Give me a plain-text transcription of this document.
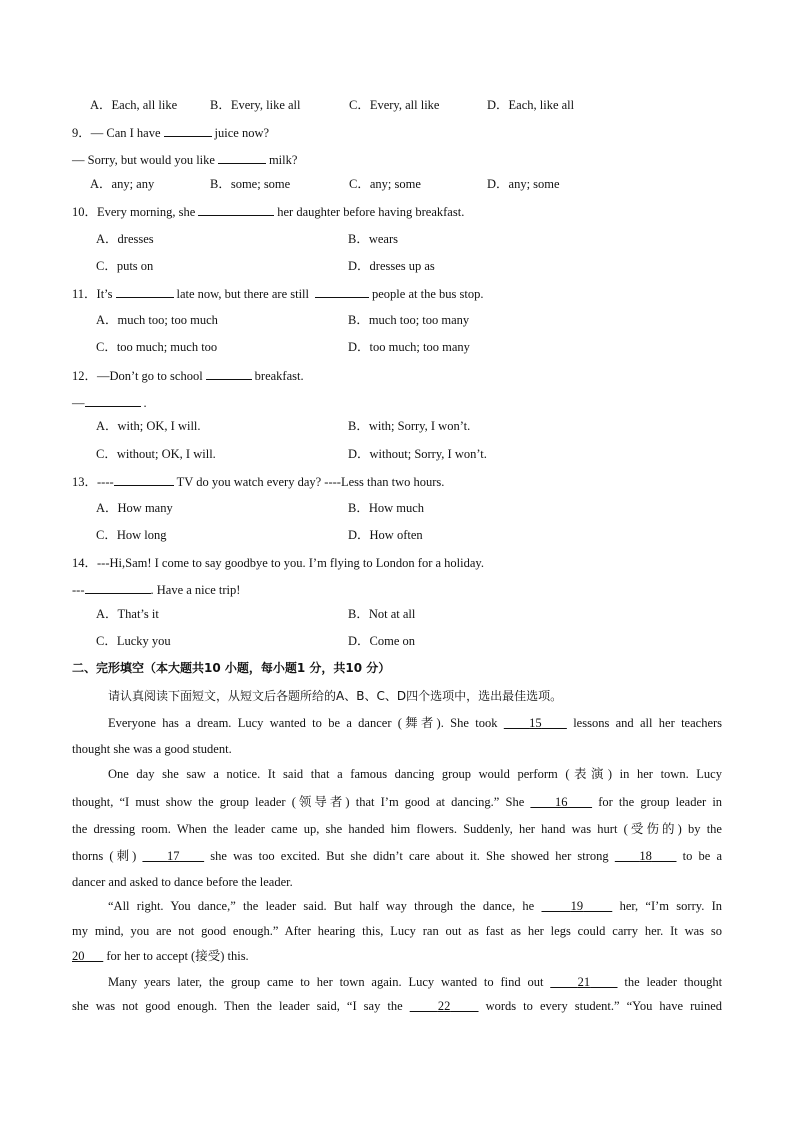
A．Each, all like	B．Every, like all	C．Every, all like	D．Each, like all
9．— Can I have	juice now?
— Sorry, but would you like	milk?
A．any; any	B．some; some	C．any; some	D．any; some
10．Every morning, she	her daughter before having breakfast.
A．dresses	B．wears
C．puts on	D．dresses up as
11．It’s	late now, but there are still	people at the bus stop.
A．much too; too much	B．much too; too many
C．too much; much too	D．too much; too many
12．—Don’t go to school	breakfast.
—	.
A．with; OK, I will.	B．with; Sorry, I won’t.
C．without; OK, I will.	D．without; Sorry, I won’t.
13．----	TV do you watch every day? ----Less than two hours.
A．How many	B．How much
C．How long	D．How often
14．---Hi,Sam! I come to say goodbye to you. I’m flying to London for a holiday.
---	. Have a nice trip!
A．That’s it	B．Not at all
C．Lucky you	D．Come on
二、完形填空（本大题共10 小题，每小题1 分，共10 分）
请认真阅读下面短文，从短文后各题所给的A、B、C、D四个选项中，选出最佳选项。
Everyone has a dream. Lucy wanted to be a dancer (舞者). She took	15	lessons and all her teachers
thought she was a good student.
One day she saw a notice. It said that a famous dancing group would perform (表演) in her town. Lucy
thought, “I must show the group leader (领导者) that I’m good at dancing.” She 16 for the group leader in
the dressing room. When the leader came up, she handed him flowers. Suddenly, her hand was hurt (受伤的) by the
thorns (刺) 17 she was too excited. But she didn’t care about it. She showed her strong 18 to be a
dancer and asked to dance before the leader.
“All right. You dance,” the leader said. But half way through the dance, he	19	her, “I’m sorry. In
my mind, you are not good enough.” After hearing this, Lucy ran out as fast as her legs could carry her. It was so
20 for her to accept (接受) this.
Many years later, the group came to her town again. Lucy wanted to find out	21	the leader thought
she was not good enough. Then the leader said, “I say the	22	words to every student.” “You have ruined
